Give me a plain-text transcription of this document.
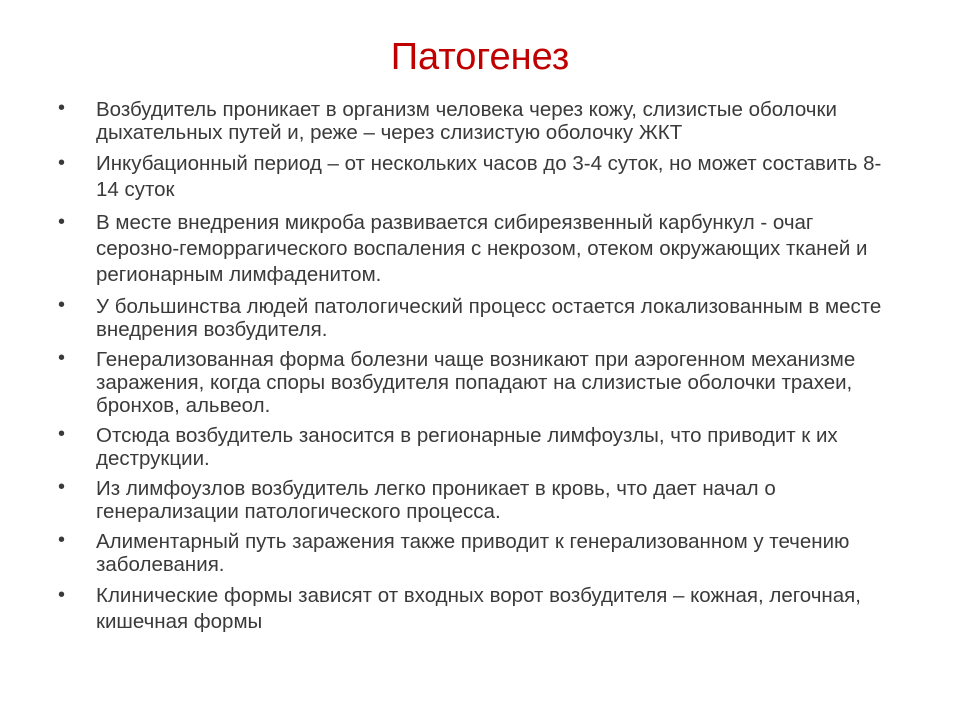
Патогенез
• Возбудитель проникает в организм человека через кожу, слизистые оболочки дыхательных путей и, реже – через слизистую оболочку ЖКТ
• Инкубационный период – от нескольких часов до 3-4 суток, но может составить 8-14 суток
• В месте внедрения микроба развивается сибиреязвенный карбункул - очаг серозно-геморрагического воспаления с некрозом, отеком окружающих тканей и регионарным лимфаденитом.
• У большинства людей патологический процесс остается локализованным в месте внедрения возбудителя.
• Генерализованная форма болезни чаще возникают при аэрогенном механизме заражения, когда споры возбудителя попадают на слизистые оболочки трахеи, бронхов, альвеол.
• Отсюда возбудитель заносится в регионарные лимфоузлы, что приводит к их деструкции.
• Из лимфоузлов возбудитель легко проникает в кровь, что дает начал о генерализации патологического процесса.
• Алиментарный путь заражения также приводит к генерализованном у течению заболевания.
• Клинические формы зависят от входных ворот возбудителя – кожная, легочная, кишечная формы
